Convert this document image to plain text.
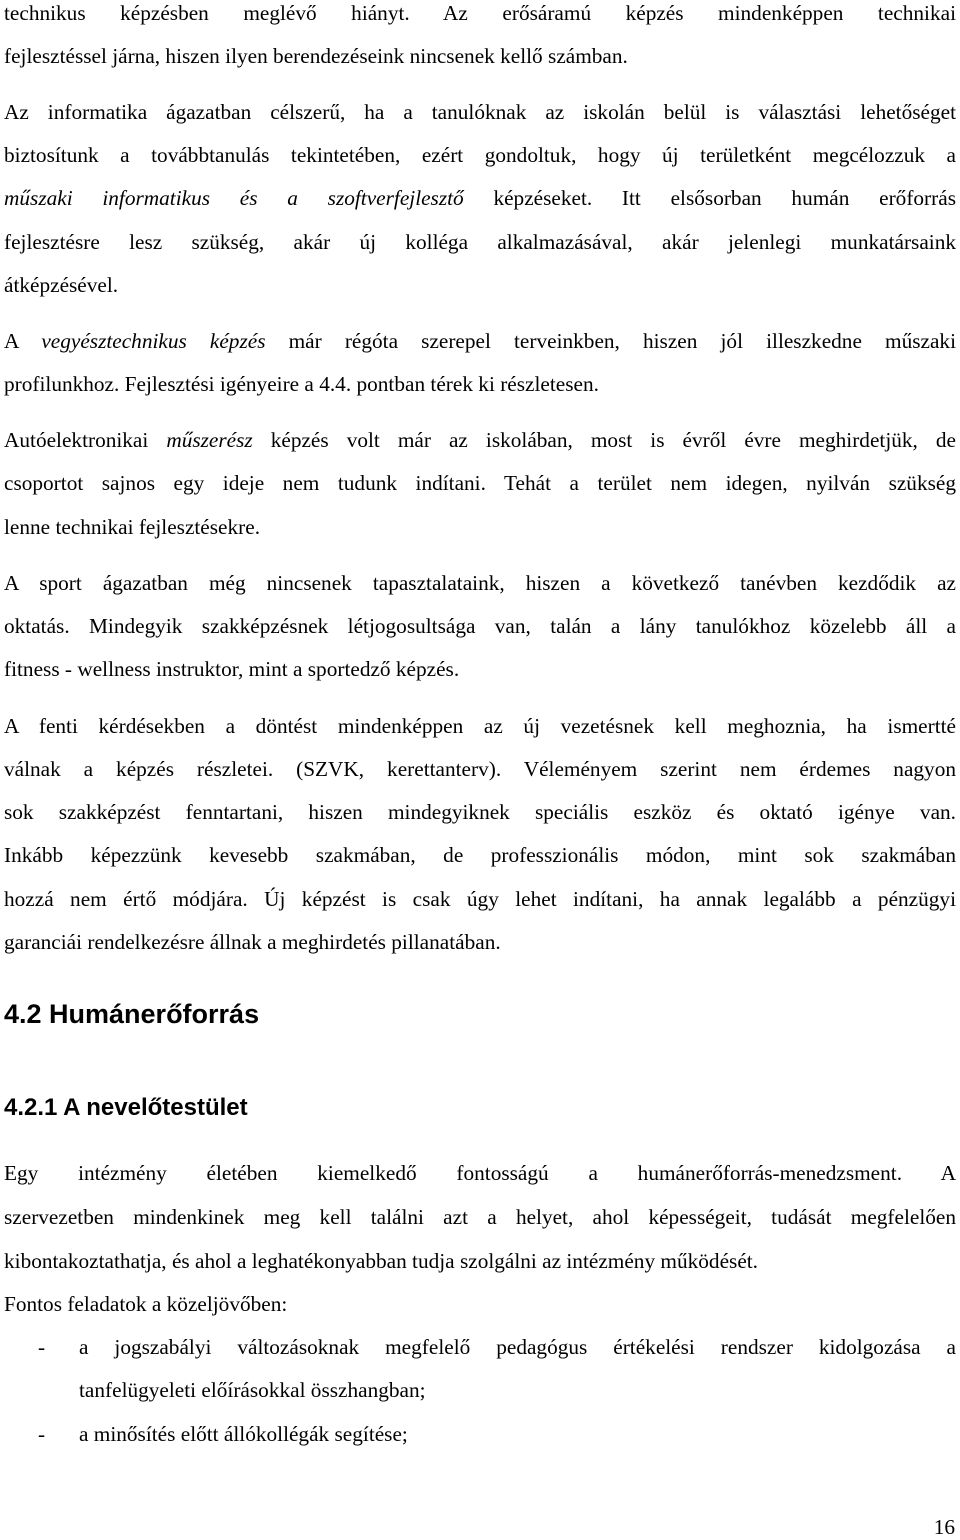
technikus képzésben meglévő hiányt. Az erősáramú képzés mindenképpen technikai
fejlesztéssel járna, hiszen ilyen berendezéseink nincsenek kellő számban.
Az informatika ágazatban célszerű, ha a tanulóknak az iskolán belül is választási lehetőséget
biztosítunk a továbbtanulás tekintetében, ezért gondoltuk, hogy új területként megcélozzuk a
műszaki informatikus és a szoftverfejlesztő képzéseket. Itt elsősorban humán erőforrás
fejlesztésre lesz szükség, akár új kolléga alkalmazásával, akár jelenlegi munkatársaink
átképzésével.
A vegyésztechnikus képzés már régóta szerepel terveinkben, hiszen jól illeszkedne műszaki
profilunkhoz. Fejlesztési igényeire a 4.4. pontban térek ki részletesen.
Autóelektronikai műszerész képzés volt már az iskolában, most is évről évre meghirdetjük, de
csoportot sajnos egy ideje nem tudunk indítani. Tehát a terület nem idegen, nyilván szükség
lenne technikai fejlesztésekre.
A sport ágazatban még nincsenek tapasztalataink, hiszen a következő tanévben kezdődik az
oktatás. Mindegyik szakképzésnek létjogosultsága van, talán a lány tanulókhoz közelebb áll a
fitness - wellness instruktor, mint a sportedző képzés.
A fenti kérdésekben a döntést mindenképpen az új vezetésnek kell meghoznia, ha ismertté
válnak a képzés részletei. (SZVK, kerettanterv). Véleményem szerint nem érdemes nagyon
sok szakképzést fenntartani, hiszen mindegyiknek speciális eszköz és oktató igénye van.
Inkább képezzünk kevesebb szakmában, de professzionális módon, mint sok szakmában
hozzá nem értő módjára. Új képzést is csak úgy lehet indítani, ha annak legalább a pénzügyi
garanciái rendelkezésre állnak a meghirdetés pillanatában.
4.2 Humánerőforrás
4.2.1 A nevelőtestület
Egy intézmény életében kiemelkedő fontosságú a humánerőforrás-menedzsment. A
szervezetben mindenkinek meg kell találni azt a helyet, ahol képességeit, tudását megfelelően
kibontakoztathatja, és ahol a leghatékonyabban tudja szolgálni az intézmény működését.
Fontos feladatok a közeljövőben:
- a jogszabályi változásoknak megfelelő pedagógus értékelési rendszer kidolgozása a
tanfelügyeleti előírásokkal összhangban;
- a minősítés előtt állókollégák segítése;
16
